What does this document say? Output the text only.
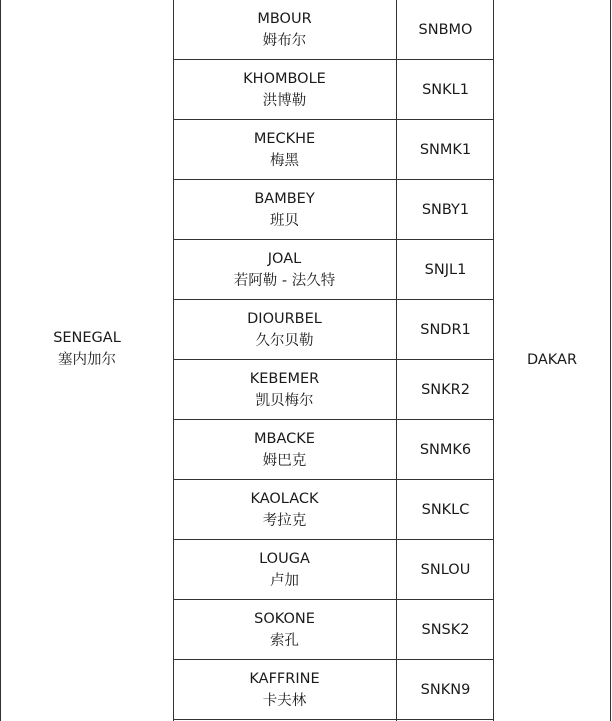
SENEGAL
塞内加尔
MBOUR
姆布尔
SNBMO
KHOMBOLE
洪博勒
SNKL1
MECKHE
梅黑
SNMK1
BAMBEY
班贝
SNBY1
JOAL
若阿勒 - 法久特
SNJL1
DIOURBEL
久尔贝勒
SNDR1
KEBEMER
凯贝梅尔
SNKR2
MBACKE
姆巴克
SNMK6
KAOLACK
考拉克
SNKLC
LOUGA
卢加
SNLOU
SOKONE
索孔
SNSK2
KAFFRINE
卡夫林
SNKN9
DAKAR
